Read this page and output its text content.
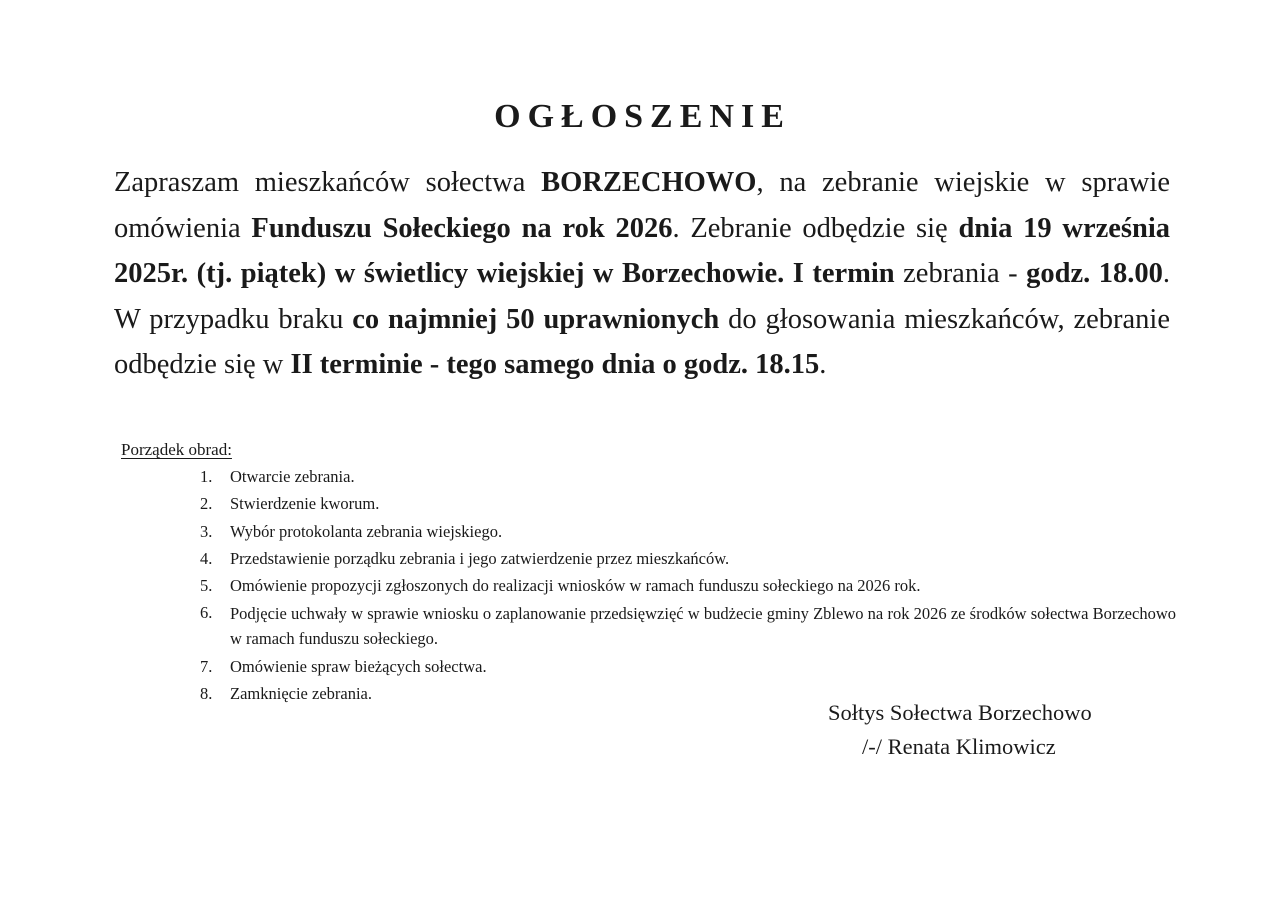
OGŁOSZENIE

Zapraszam mieszkańców sołectwa BORZECHOWO, na zebranie wiejskie w sprawie omówienia Funduszu Sołeckiego na rok 2026. Zebranie odbędzie się dnia 19 września 2025r. (tj. piątek) w świetlicy wiejskiej w Borzechowie. I termin zebrania - godz. 18.00. W przypadku braku co najmniej 50 uprawnionych do głosowania mieszkańców, zebranie odbędzie się w II terminie - tego samego dnia o godz. 18.15.

Porządek obrad:

1.	Otwarcie zebrania.
2.	Stwierdzenie kworum.
3.	Wybór protokolanta zebrania wiejskiego.
4.	Przedstawienie porządku zebrania i jego zatwierdzenie przez mieszkańców.
5.	Omówienie propozycji zgłoszonych do realizacji wniosków w ramach funduszu sołeckiego na 2026 rok.
6.	Podjęcie uchwały w sprawie wniosku o zaplanowanie przedsięwzięć w budżecie gminy Zblewo na rok 2026 ze środków sołectwa Borzechowo w ramach funduszu sołeckiego.
7.	Omówienie spraw bieżących sołectwa.
8.	Zamknięcie zebrania.
Sołtys Sołectwa Borzechowo
/-/ Renata Klimowicz
